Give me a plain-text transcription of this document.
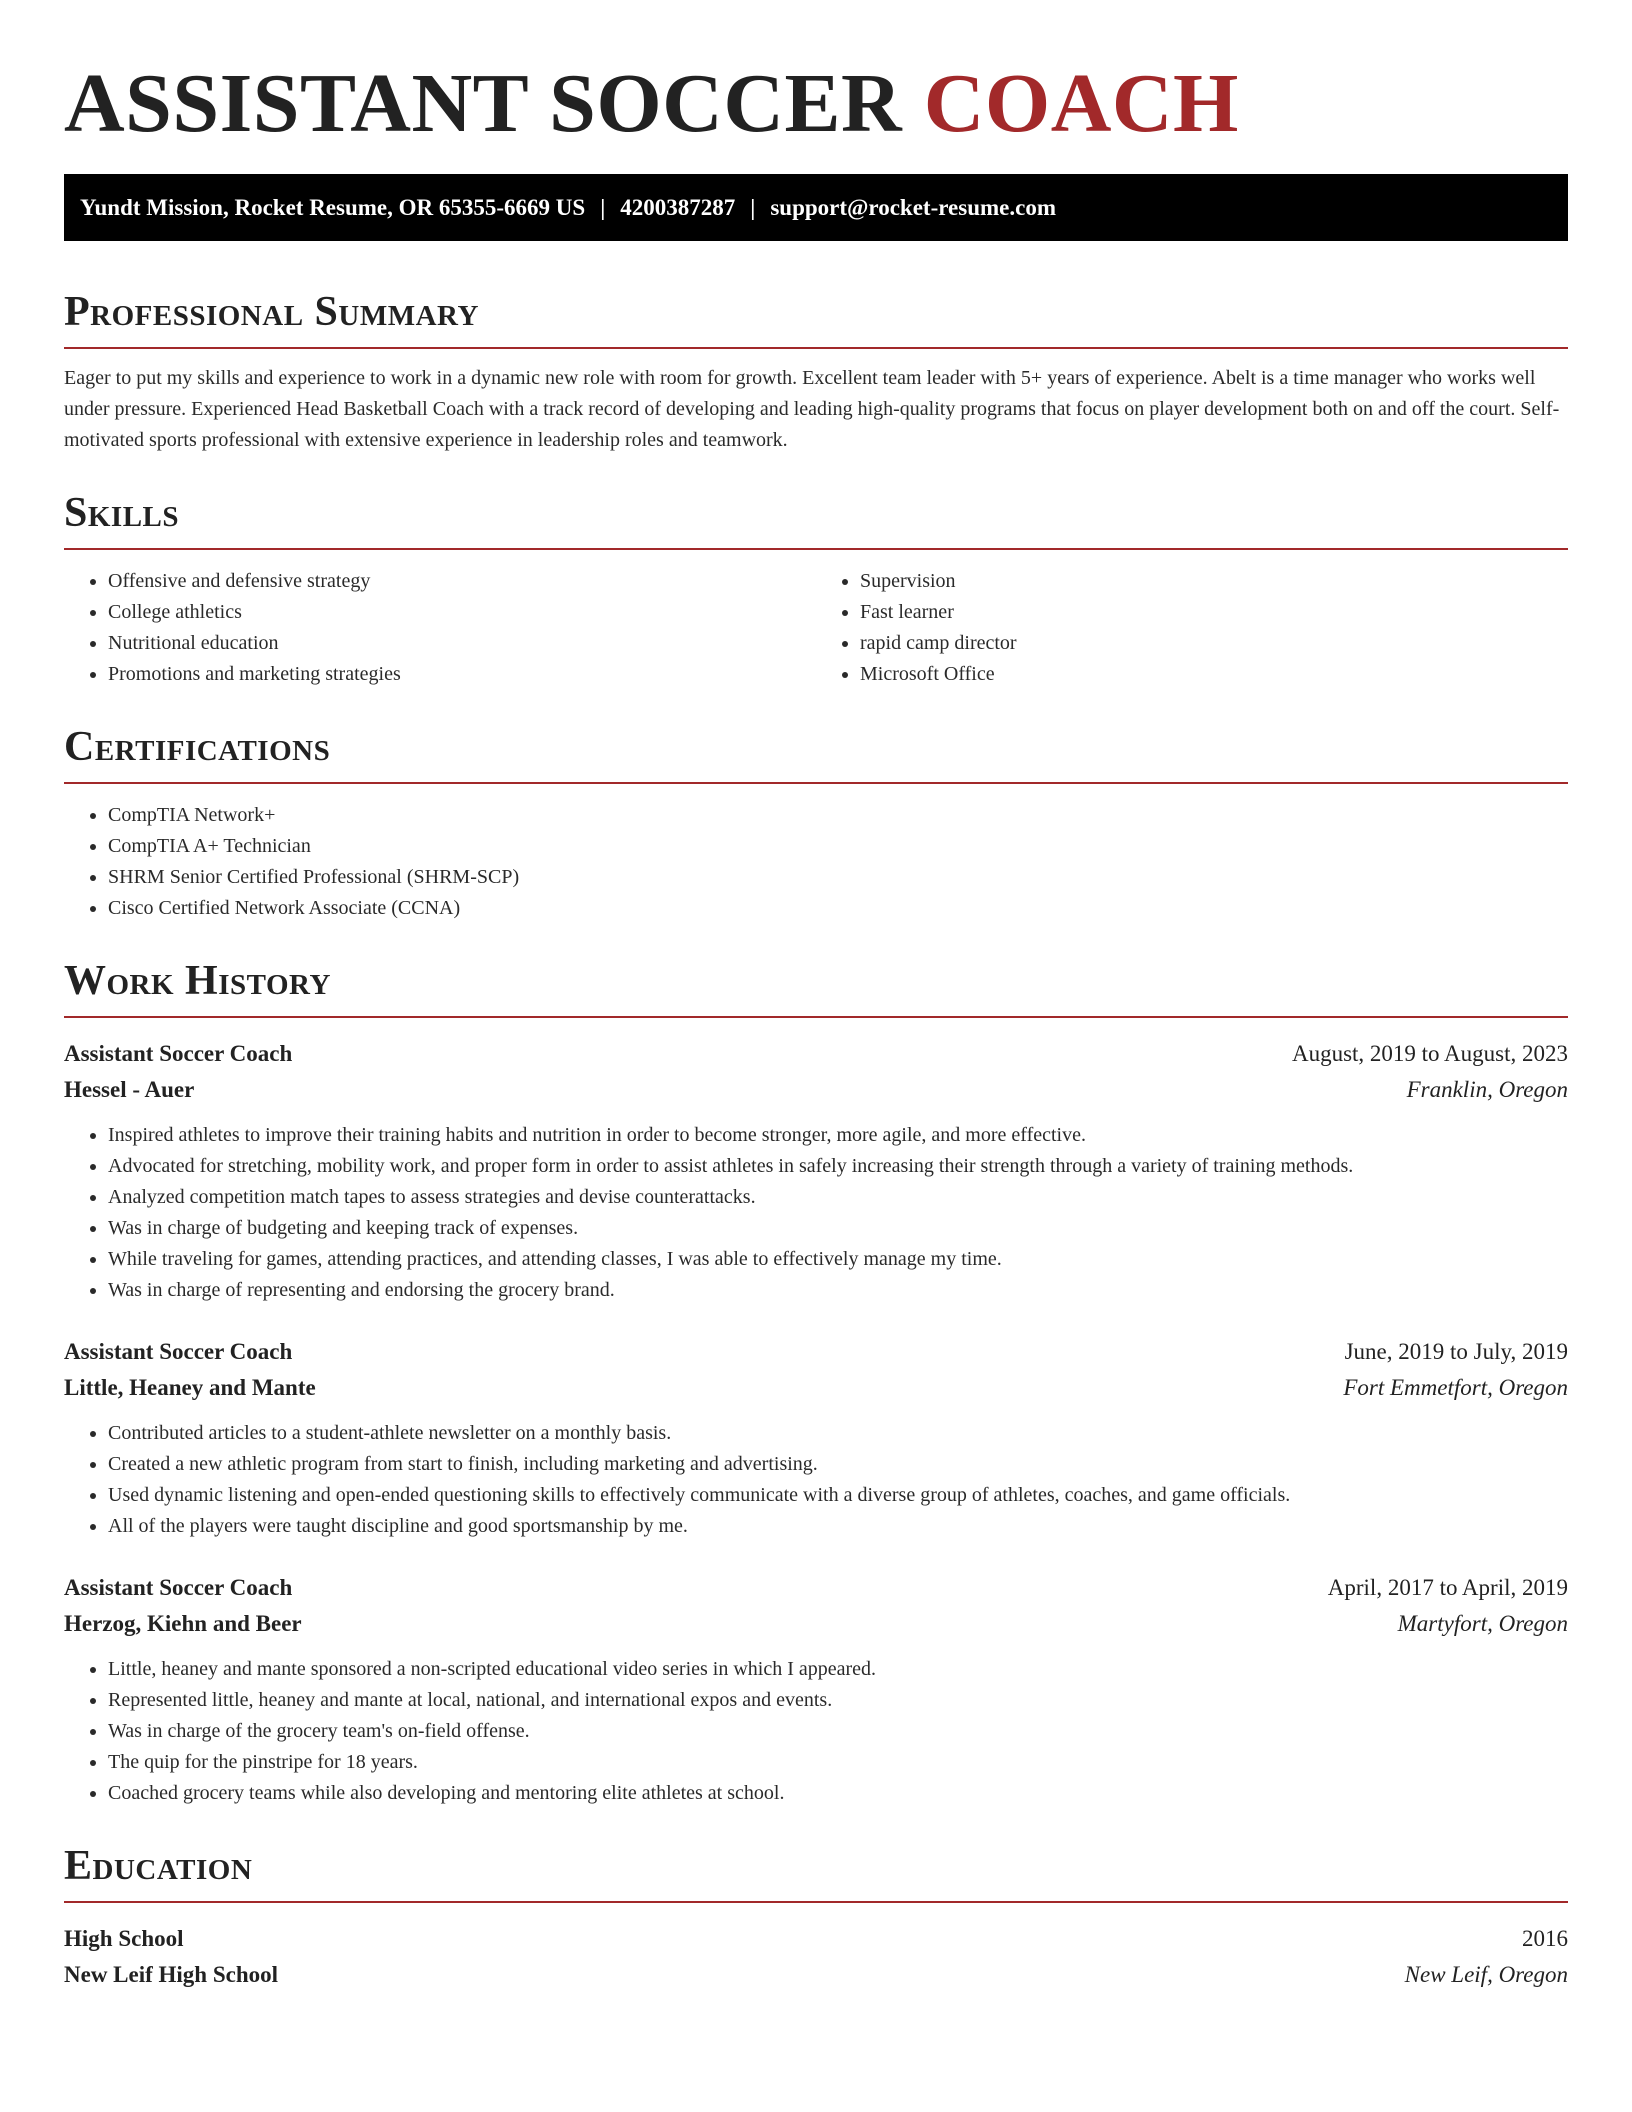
ASSISTANT SOCCER COACH
Yundt Mission, Rocket Resume, OR 65355-6669 US | 4200387287 | support@rocket-resume.com
Professional Summary

Eager to put my skills and experience to work in a dynamic new role with room for growth. Excellent team leader with 5+ years of experience. Abelt is a time manager who works well under pressure. Experienced Head Basketball Coach with a track record of developing and leading high-quality programs that focus on player development both on and off the court. Self-motivated sports professional with extensive experience in leadership roles and teamwork.

Skills
• Offensive and defensive strategy
• College athletics
• Nutritional education
• Promotions and marketing strategies
• Supervision
• Fast learner
• rapid camp director
• Microsoft Office
Certifications
• CompTIA Network+
• CompTIA A+ Technician
• SHRM Senior Certified Professional (SHRM-SCP)
• Cisco Certified Network Associate (CCNA)
Work History
Assistant Soccer Coach	August, 2019 to August, 2023
Hessel - Auer	Franklin, Oregon
• Inspired athletes to improve their training habits and nutrition in order to become stronger, more agile, and more effective.
• Advocated for stretching, mobility work, and proper form in order to assist athletes in safely increasing their strength through a variety of training methods.
• Analyzed competition match tapes to assess strategies and devise counterattacks.
• Was in charge of budgeting and keeping track of expenses.
• While traveling for games, attending practices, and attending classes, I was able to effectively manage my time.
• Was in charge of representing and endorsing the grocery brand.
Assistant Soccer Coach	June, 2019 to July, 2019
Little, Heaney and Mante	Fort Emmetfort, Oregon
• Contributed articles to a student-athlete newsletter on a monthly basis.
• Created a new athletic program from start to finish, including marketing and advertising.
• Used dynamic listening and open-ended questioning skills to effectively communicate with a diverse group of athletes, coaches, and game officials.
• All of the players were taught discipline and good sportsmanship by me.
Assistant Soccer Coach	April, 2017 to April, 2019
Herzog, Kiehn and Beer	Martyfort, Oregon
• Little, heaney and mante sponsored a non-scripted educational video series in which I appeared.
• Represented little, heaney and mante at local, national, and international expos and events.
• Was in charge of the grocery team's on-field offense.
• The quip for the pinstripe for 18 years.
• Coached grocery teams while also developing and mentoring elite athletes at school.
Education
High School	2016
New Leif High School	New Leif, Oregon
